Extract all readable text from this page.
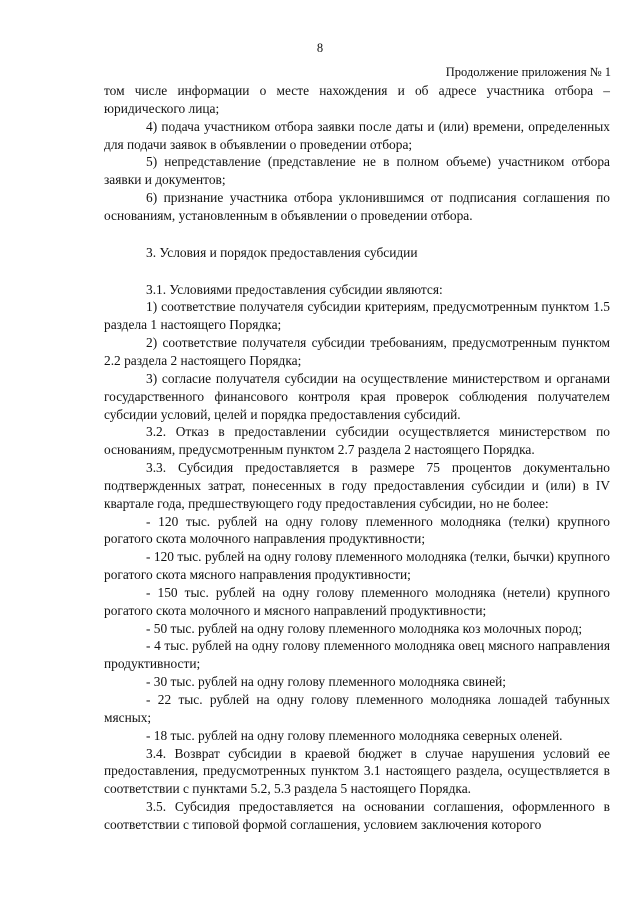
8
Продолжение приложения № 1

том числе информации о месте нахождения и об адресе участника отбора – юридического лица;

4) подача участником отбора заявки после даты и (или) времени, определенных для подачи заявок в объявлении о проведении отбора;

5) непредставление (представление не в полном объеме) участником отбора заявки и документов;

6) признание участника отбора уклонившимся от подписания соглашения по основаниям, установленным в объявлении о проведении отбора.

3. Условия и порядок предоставления субсидии

3.1. Условиями предоставления субсидии являются:

1) соответствие получателя субсидии критериям, предусмотренным пунктом 1.5 раздела 1 настоящего Порядка;

2) соответствие получателя субсидии требованиям, предусмотренным пунктом 2.2 раздела 2 настоящего Порядка;

3) согласие получателя субсидии на осуществление министерством и органами государственного финансового контроля края проверок соблюдения получателем субсидии условий, целей и порядка предоставления субсидий.

3.2. Отказ в предоставлении субсидии осуществляется министерством по основаниям, предусмотренным пунктом 2.7 раздела 2 настоящего Порядка.

3.3. Субсидия предоставляется в размере 75 процентов документально подтвержденных затрат, понесенных в году предоставления субсидии и (или) в IV квартале года, предшествующего году предоставления субсидии, но не более:

- 120 тыс. рублей на одну голову племенного молодняка (телки) крупного рогатого скота молочного направления продуктивности;

- 120 тыс. рублей на одну голову племенного молодняка (телки, бычки) крупного рогатого скота мясного направления продуктивности;

- 150 тыс. рублей на одну голову племенного молодняка (нетели) крупного рогатого скота молочного и мясного направлений продуктивности;

- 50 тыс. рублей на одну голову племенного молодняка коз молочных пород;

- 4 тыс. рублей на одну голову племенного молодняка овец мясного направления продуктивности;

- 30 тыс. рублей на одну голову племенного молодняка свиней;

- 22 тыс. рублей на одну голову племенного молодняка лошадей табунных мясных;

- 18 тыс. рублей на одну голову племенного молодняка северных оленей.

3.4. Возврат субсидии в краевой бюджет в случае нарушения условий ее предоставления, предусмотренных пунктом 3.1 настоящего раздела, осуществляется в соответствии с пунктами 5.2, 5.3 раздела 5 настоящего Порядка.

3.5. Субсидия предоставляется на основании соглашения, оформленного в соответствии с типовой формой соглашения, условием заключения которого
